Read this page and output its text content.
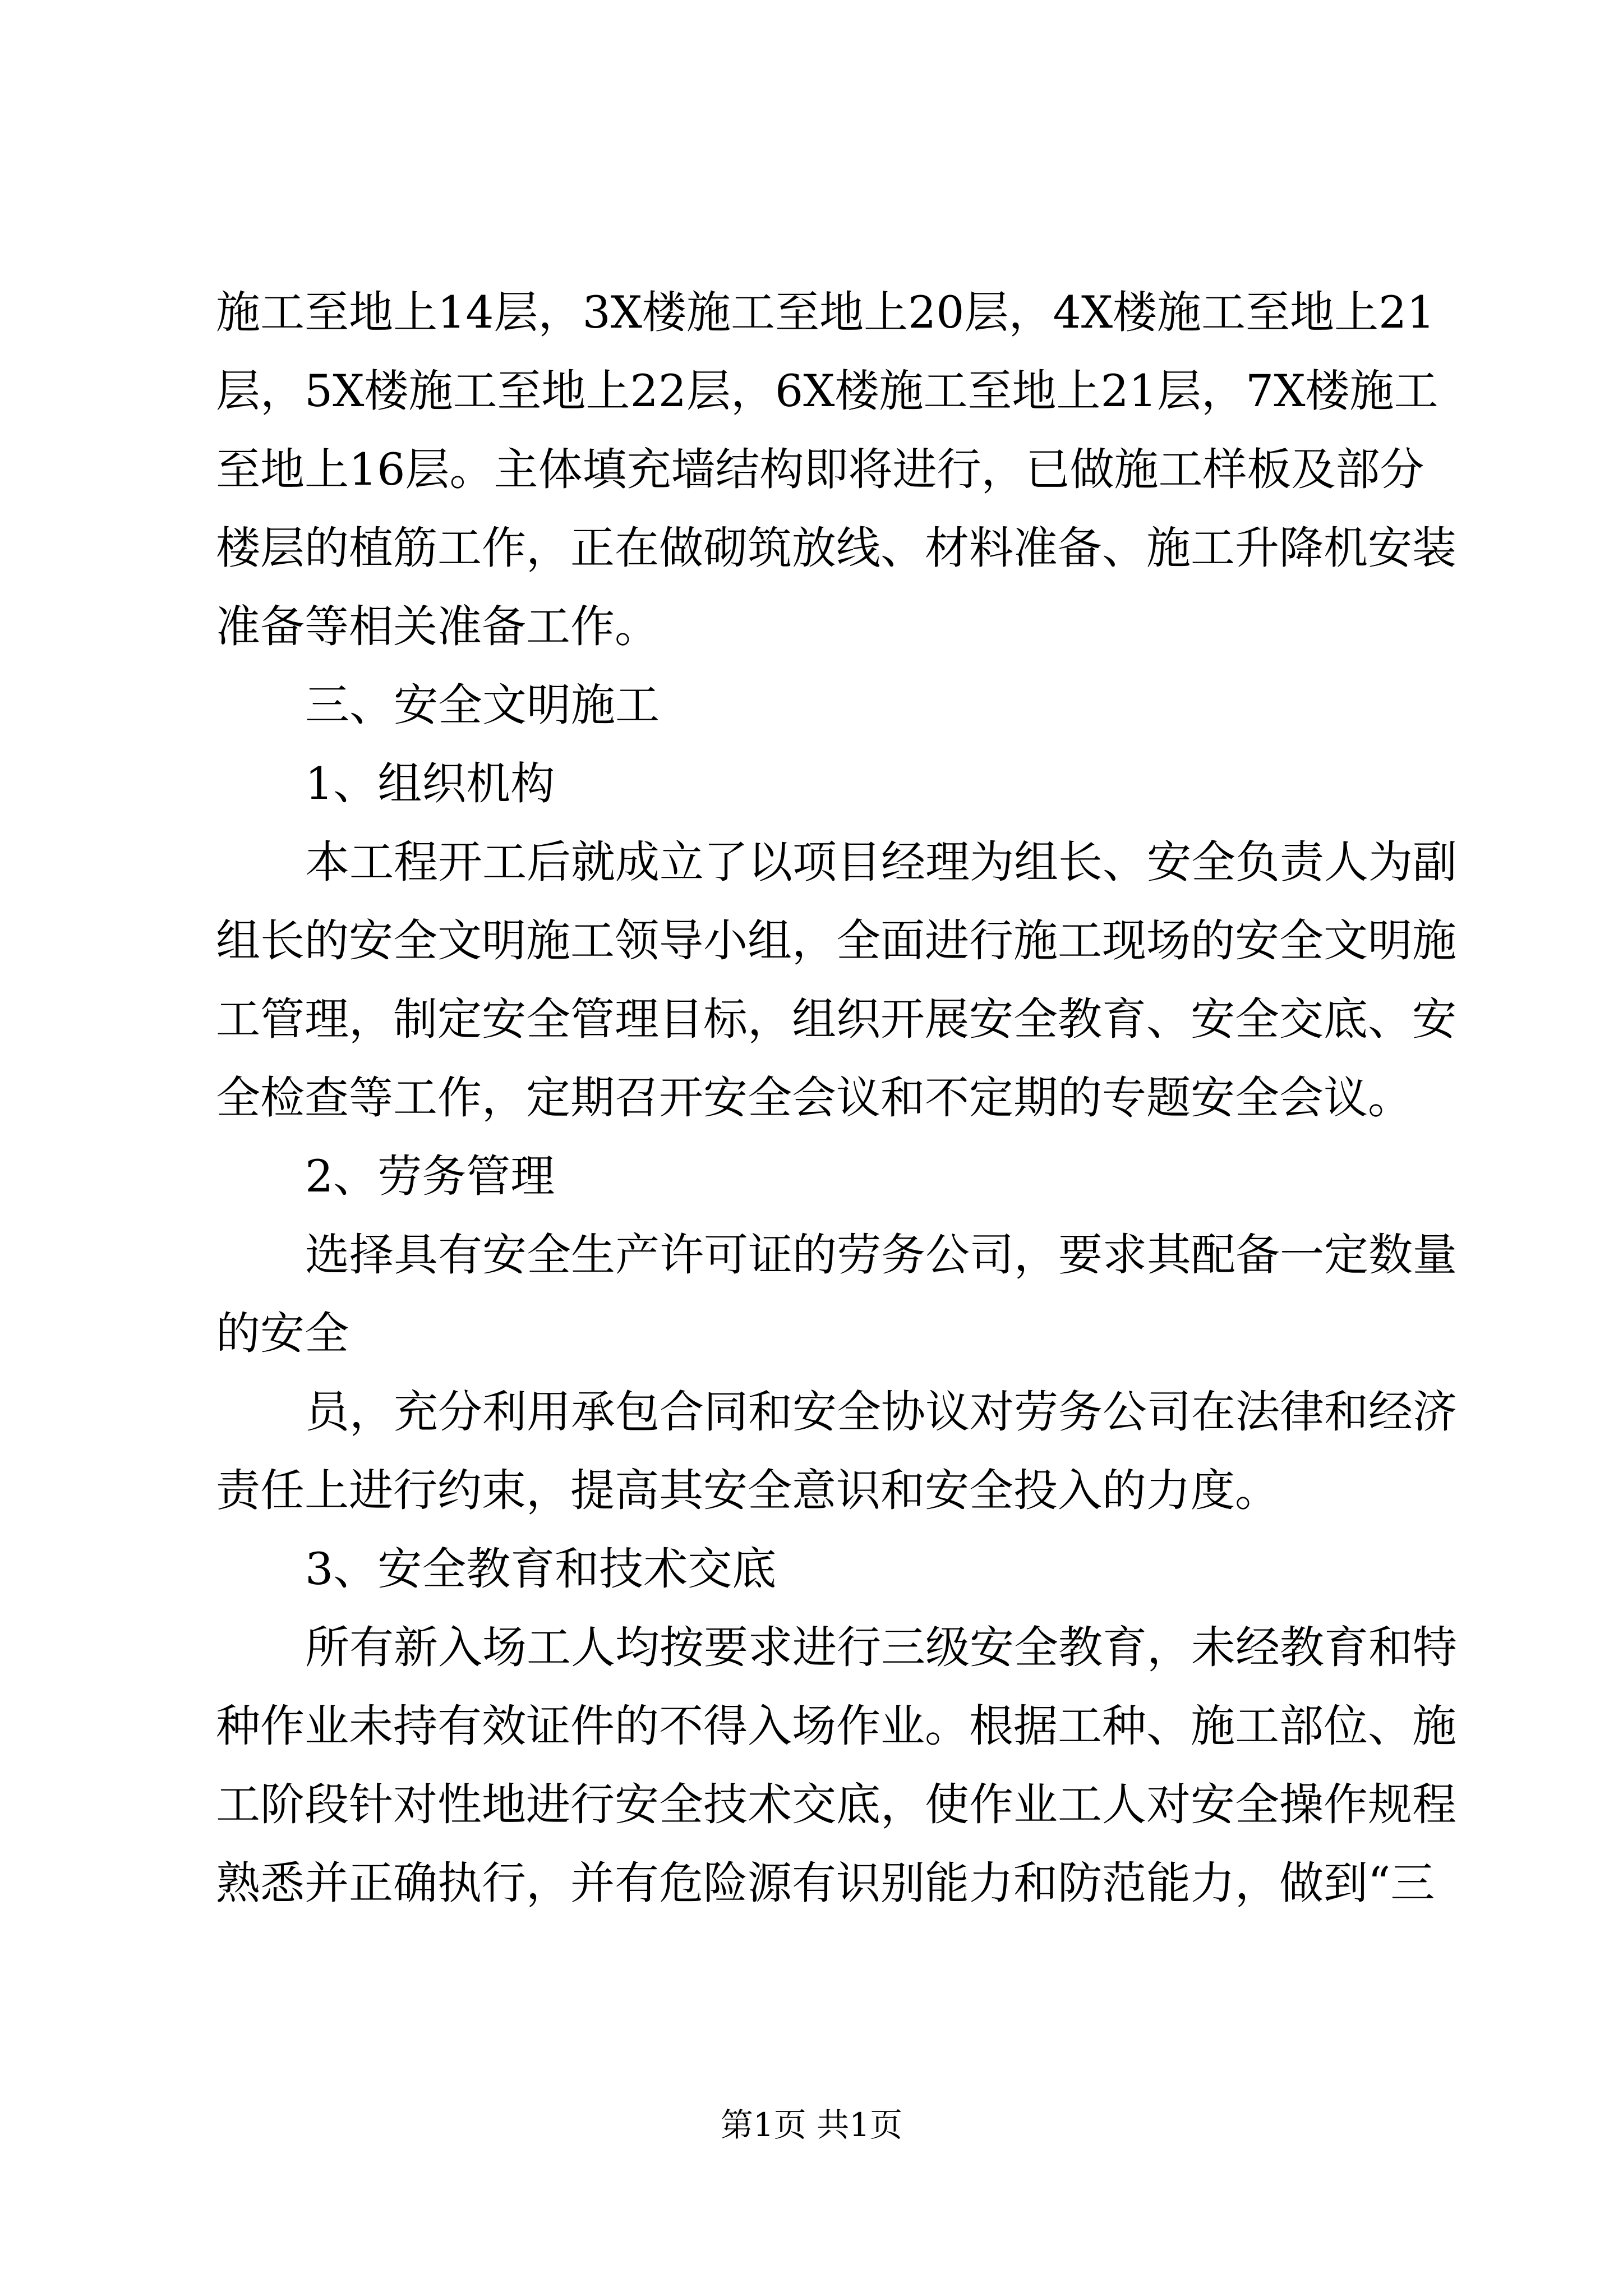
施工至地上14层，3X楼施工至地上20层，4X楼施工至地上21
层，5X楼施工至地上22层，6X楼施工至地上21层，7X楼施工
至地上16层。主体填充墙结构即将进行，已做施工样板及部分
楼层的植筋工作，正在做砌筑放线、材料准备、施工升降机安装
准备等相关准备工作。
三、安全文明施工
1、组织机构
本工程开工后就成立了以项目经理为组长、安全负责人为副
组长的安全文明施工领导小组，全面进行施工现场的安全文明施
工管理，制定安全管理目标，组织开展安全教育、安全交底、安
全检查等工作，定期召开安全会议和不定期的专题安全会议。
2、劳务管理
选择具有安全生产许可证的劳务公司，要求其配备一定数量
的安全
员，充分利用承包合同和安全协议对劳务公司在法律和经济
责任上进行约束，提高其安全意识和安全投入的力度。
3、安全教育和技术交底
所有新入场工人均按要求进行三级安全教育，未经教育和特
种作业未持有效证件的不得入场作业。根据工种、施工部位、施
工阶段针对性地进行安全技术交底，使作业工人对安全操作规程
熟悉并正确执行，并有危险源有识别能力和防范能力，做到“三
第1页 共1页
